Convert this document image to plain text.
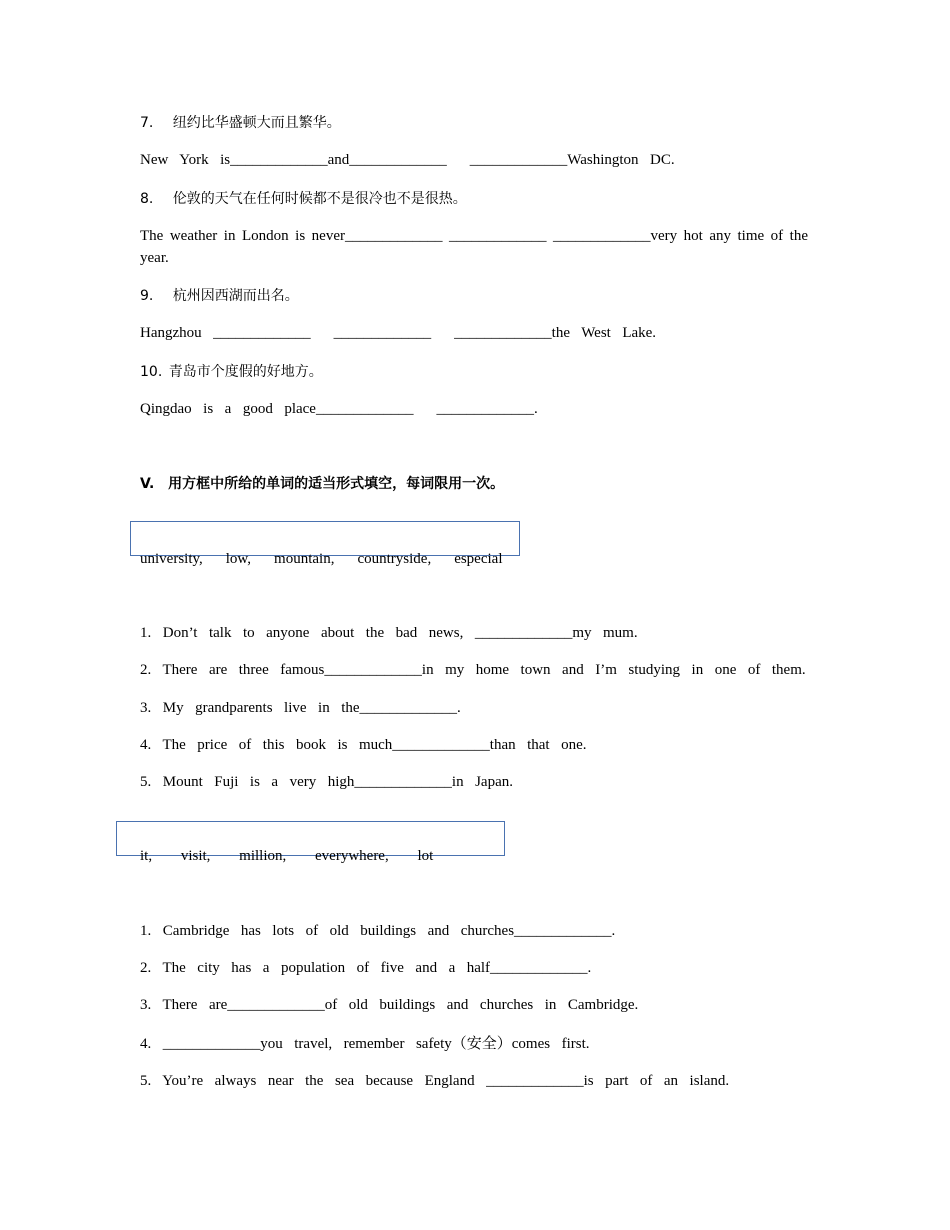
7.   纽约比华盛顿大而且繁华。
New  York  is_____________and_____________    _____________Washington  DC.
8.   伦敦的天气在任何时候都不是很冷也不是很热。
The weather in London is never_____________ _____________ _____________very hot any time of the year.
9.   杭州因西湖而出名。
Hangzhou  _____________    _____________    _____________the  West  Lake.
10. 青岛市个度假的好地方。
Qingdao  is  a  good  place_____________    _____________.
V.  用方框中所给的单词的适当形式填空，每词限用一次。
university,    low,    mountain,    countryside,    especial
1.  Don’t  talk  to  anyone  about  the  bad  news,  _____________my  mum.
2.  There  are  three  famous_____________in  my  home  town  and  I’m  studying  in  one  of  them.
3.  My  grandparents  live  in  the_____________.
4.  The  price  of  this  book  is  much_____________than  that  one.
5.  Mount  Fuji  is  a  very  high_____________in  Japan.
it,     visit,     million,     everywhere,     lot
1.  Cambridge  has  lots  of  old  buildings  and  churches_____________.
2.  The  city  has  a  population  of  five  and  a  half_____________.
3.  There  are_____________of  old  buildings  and  churches  in  Cambridge.
4.  _____________you  travel,  remember  safety（安全）comes  first.
5.  You’re  always  near  the  sea  because  England  _____________is  part  of  an  island.
